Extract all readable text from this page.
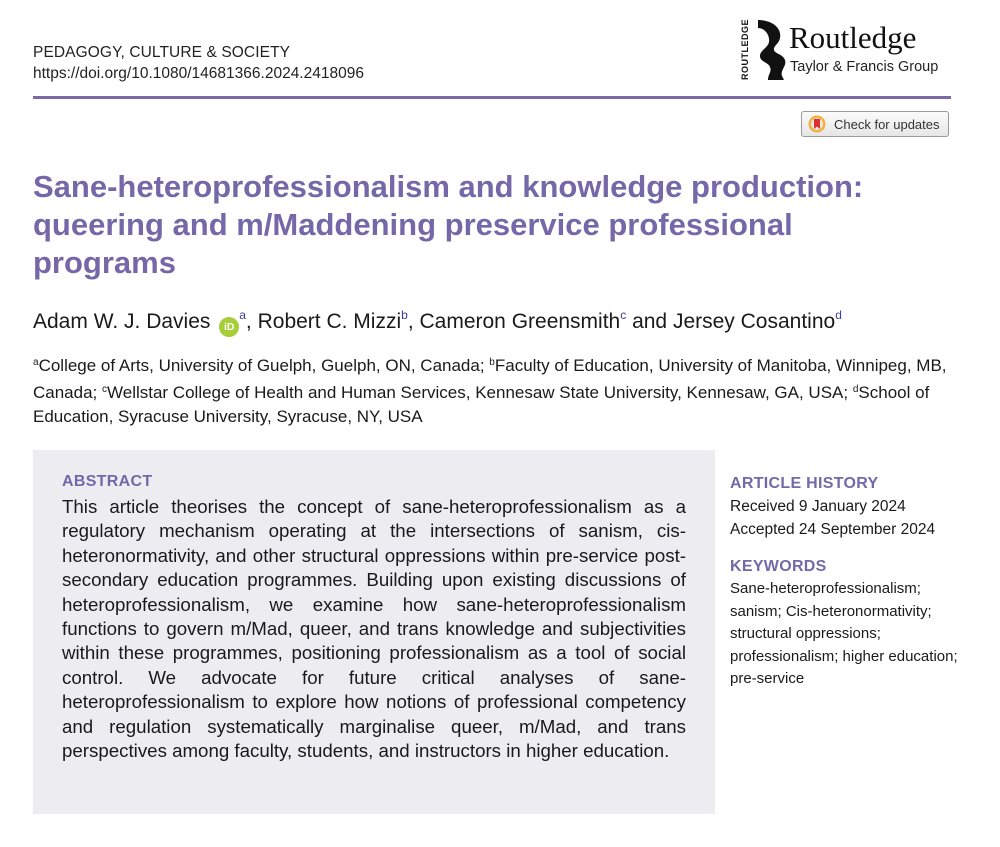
PEDAGOGY, CULTURE & SOCIETY
https://doi.org/10.1080/14681366.2024.2418096	ROUTLEDGE Routledge
Taylor & Francis Group
Check for updates
Sane-heteroprofessionalism and knowledge production: queering and m/Maddening preservice professional programs
Adam W. J. Davies $iD^a$, Robert C. Mizzi$^b$, Cameron Greensmith$^c$ and Jersey Cosantino$^d$
$^a$College of Arts, University of Guelph, Guelph, ON, Canada; $^b$Faculty of Education, University of Manitoba, Winnipeg, MB, Canada; $^c$Wellstar College of Health and Human Services, Kennesaw State University, Kennesaw, GA, USA; $^d$School of Education, Syracuse University, Syracuse, NY, USA
ABSTRACT

This article theorises the concept of sane-heteroprofessionalism as a regulatory mechanism operating at the intersections of sanism, cis-heteronormativity, and other structural oppressions within pre-service post-secondary education programmes. Building upon existing discussions of heteroprofessionalism, we examine how sane-heteroprofessionalism functions to govern m/Mad, queer, and trans knowledge and subjectivities within these programmes, positioning professionalism as a tool of social control. We advocate for future critical analyses of sane-heteroprofessionalism to explore how notions of professional competency and regulation systematically marginalise queer, m/Mad, and trans perspectives among faculty, students, and instructors in higher education.

ARTICLE HISTORY
Received 9 January 2024
Accepted 24 September 2024
KEYWORDS
Sane-heteroprofessionalism; sanism; Cis-heteronormativity; structural oppressions; professionalism; higher education; pre-service
